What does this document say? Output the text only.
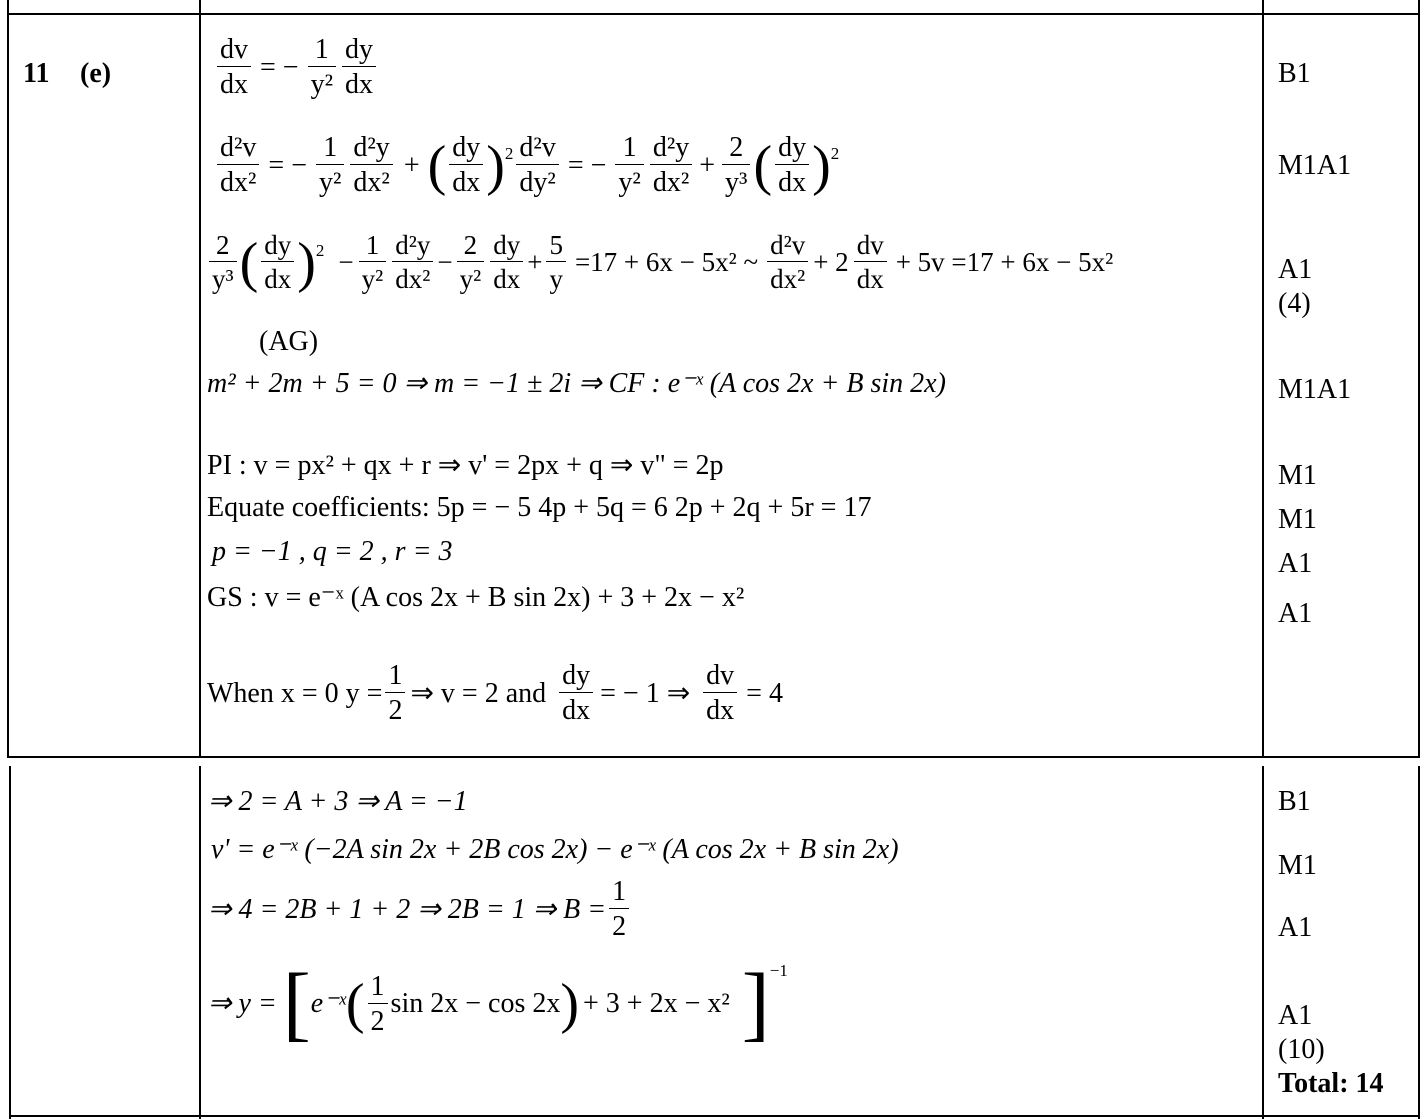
11 (e)	$\frac{dv}{dx}$ = − $\frac{1}{\text{y²}} \frac{dy}{dx}$
$\frac{\text{d²v}}{\text{dx²}}$ = − $\frac{1}{\text{y²}} \frac{\text{d²y}}{\text{dx²}}$ + ( $\frac{dy}{dx}$ ) $2 \frac{\text{d²v}}{\text{dy²}}$ = − $\frac{1}{\text{y²}} \frac{\text{d²y}}{\text{dx²}} + \frac{2}{\text{y³}}$ ( $\frac{dy}{dx}$ ) 2
$\frac{2}{\text{y³}}$ ( $\frac{dy}{dx}$ ) $2 - \frac{1}{\text{y²}} \frac{\text{d²y}}{\text{dx²}} - \frac{2}{\text{y²}} \frac{dy}{dx} + \frac{5}{y} =17 + 6x - 5x^2$ ~ $\frac{\text{d²v}}{\text{dx²}} + 2 \frac{dv}{dx} + 5v =17 + 6x - 5x^2$
(AG)
m² + 2m + 5 = 0 ⇒ m = −1 ± 2i ⇒ CF : e⁻ˣ (A cos 2x + B sin 2x)
PI : v = px² + qx + r ⇒ v' = 2px + q ⇒ v" = 2p
Equate coefficients: 5p = − 5 4p + 5q = 6 2p + 2q + 5r = 17
p = −1 , q = 2 , r = 3
GS : v = e⁻ˣ (A cos 2x + B sin 2x) + 3 + 2x − x²
When x = 0 $y = \frac{1}{2}$ ⇒ v = 2 and $\frac{dy}{dx}$ = − 1 ⇒ $\frac{dv}{dx} = 4$
⇒ 2 = A + 3 ⇒ A = −1
v' = e⁻ˣ (−2A sin 2x + 2B cos 2x) − e⁻ˣ (A cos 2x + B sin 2x)
⇒ 4 = 2B + 1 + 2 ⇒ 2B = 1 ⇒ $B = \frac{1}{2}$
⇒ y = [ e⁻ˣ ( $\frac{1}{2}$ sin 2x − cos 2x ) + 3 + 2x − x² ] −1
B1
M1A1
A1
(4)
M1A1
M1
M1
A1
A1
B1
M1
A1
A1
(10)
Total: 14
